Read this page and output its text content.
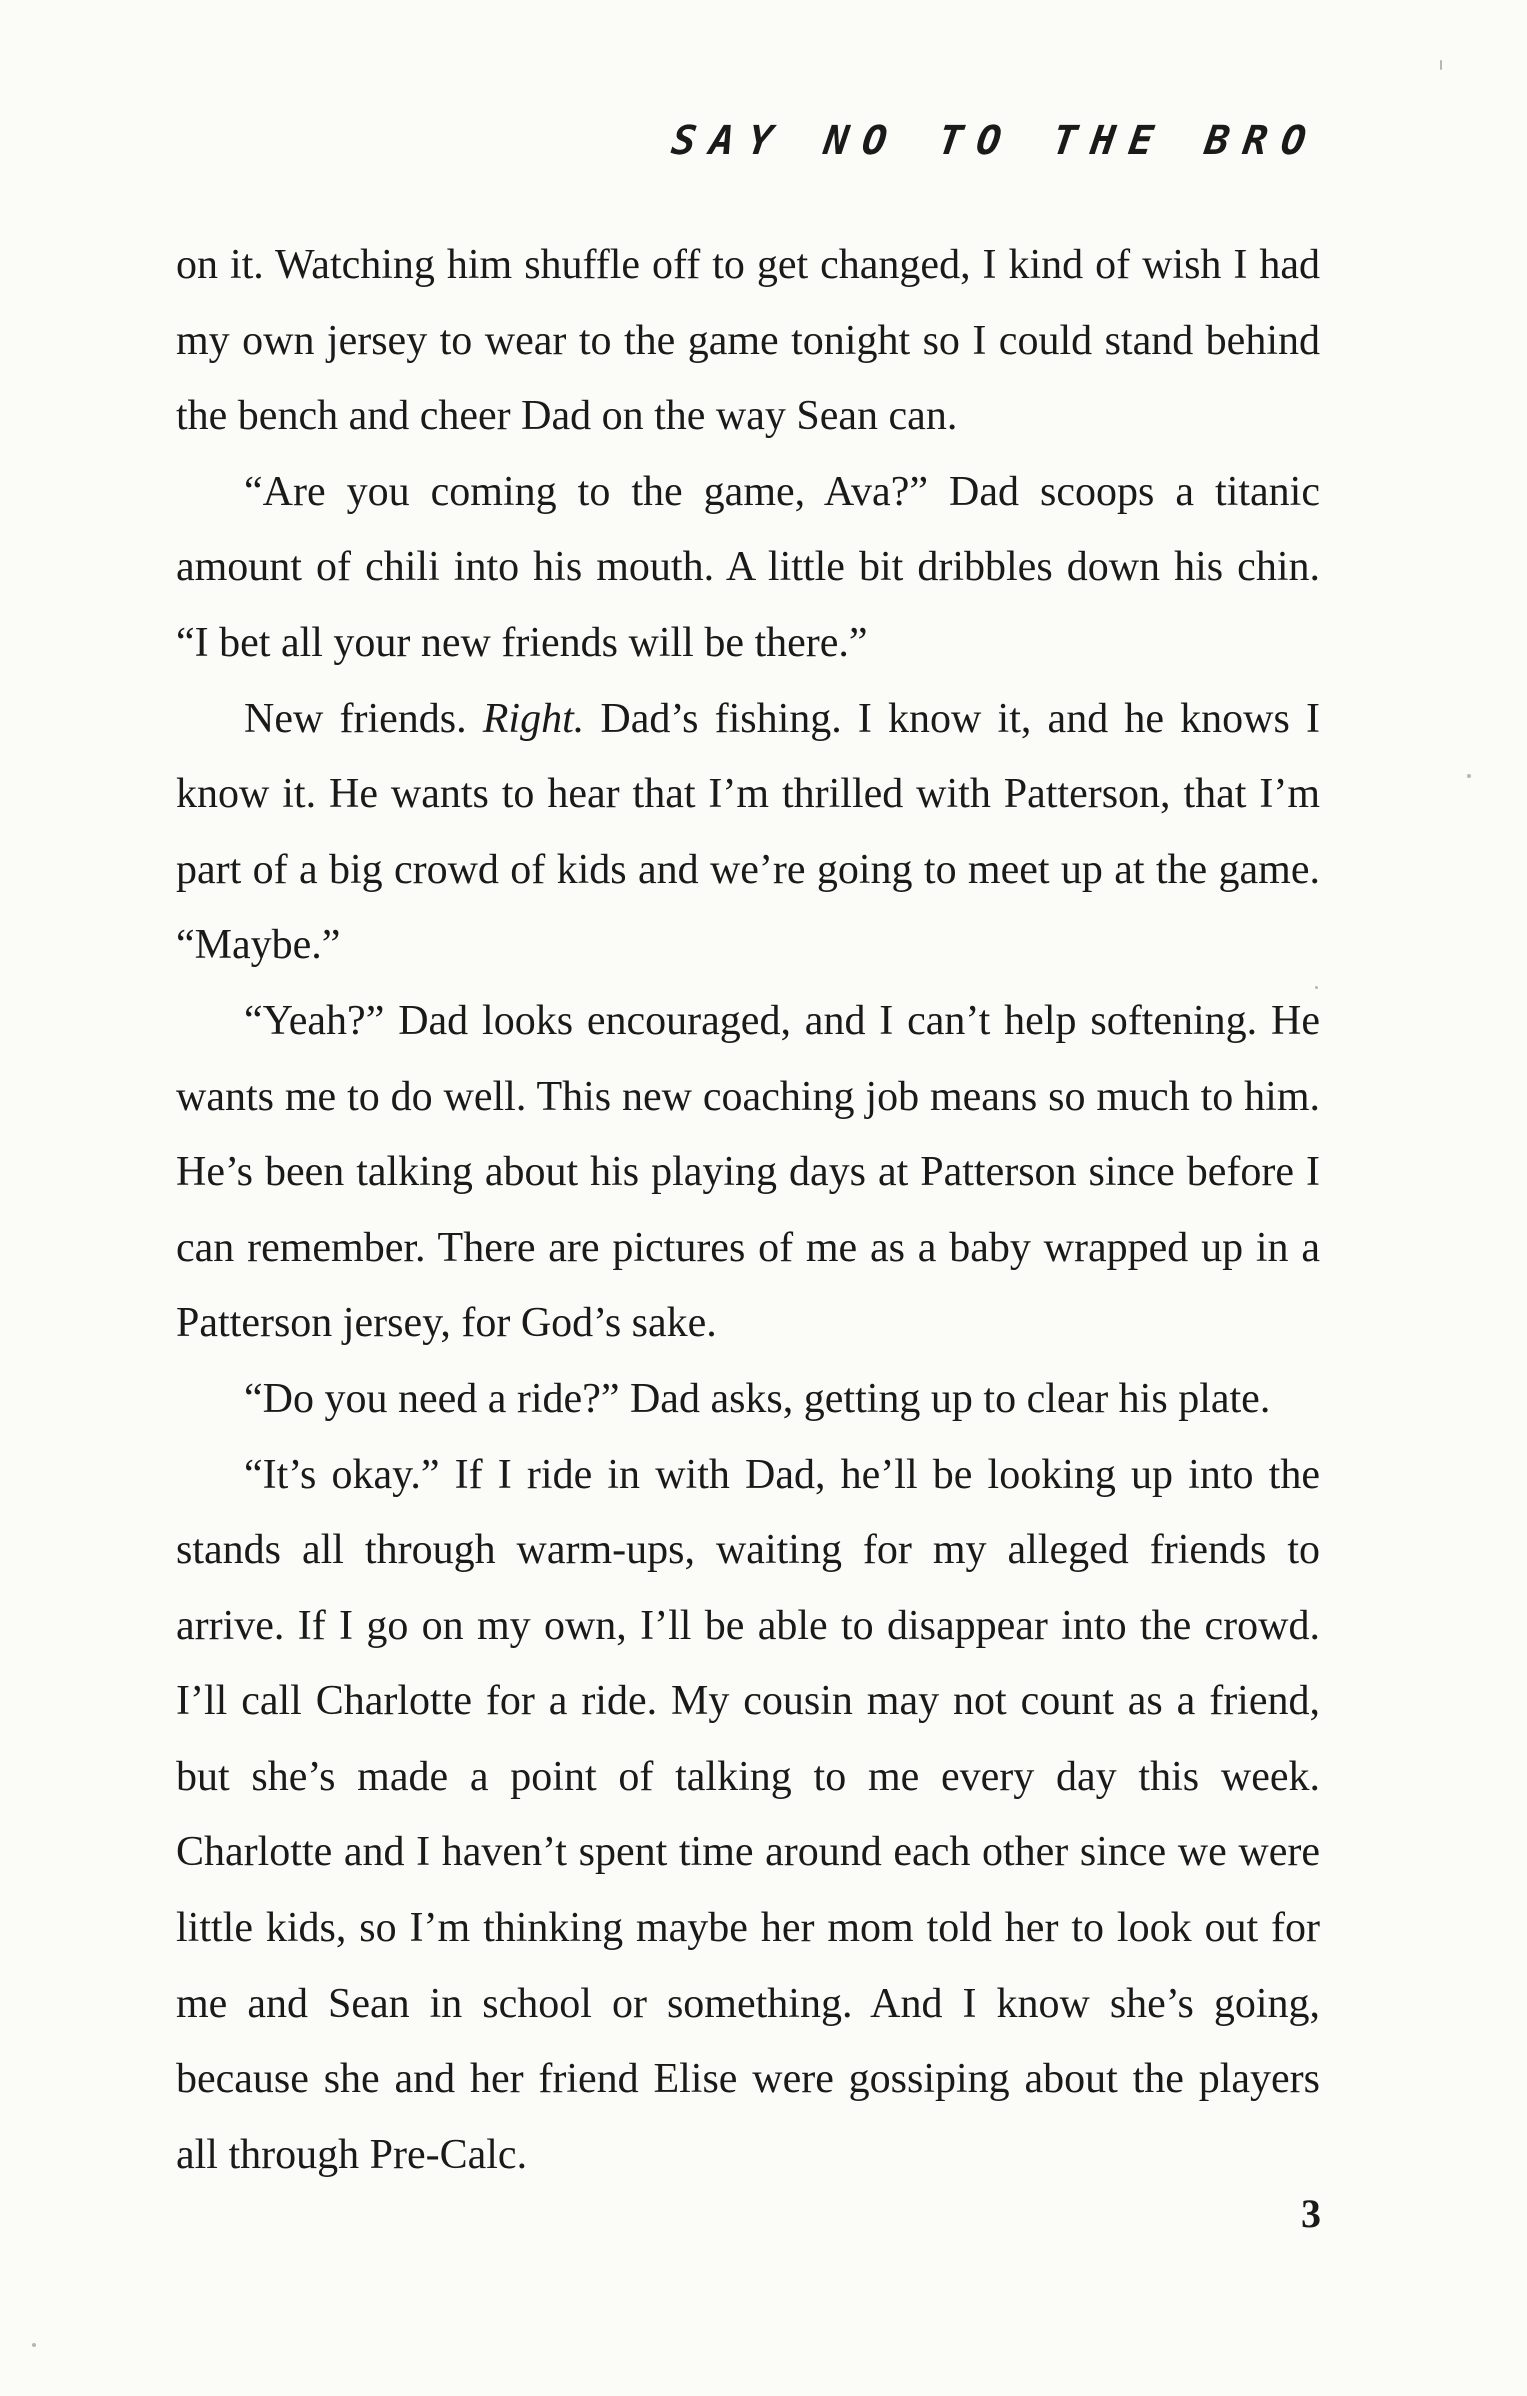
SAY NO TO THE BRO

on it. Watching him shuffle off to get changed, I kind of wish I had my own jersey to wear to the game tonight so I could stand behind the bench and cheer Dad on the way Sean can.

“Are you coming to the game, Ava?” Dad scoops a titanic amount of chili into his mouth. A little bit dribbles down his chin. “I bet all your new friends will be there.”

New friends. Right. Dad’s fishing. I know it, and he knows I know it. He wants to hear that I’m thrilled with Patterson, that I’m part of a big crowd of kids and we’re going to meet up at the game. “Maybe.”

“Yeah?” Dad looks encouraged, and I can’t help softening. He wants me to do well. This new coaching job means so much to him. He’s been talking about his playing days at Patterson since before I can remember. There are pictures of me as a baby wrapped up in a Patterson jersey, for God’s sake.

“Do you need a ride?” Dad asks, getting up to clear his plate.

“It’s okay.” If I ride in with Dad, he’ll be looking up into the stands all through warm-ups, waiting for my alleged friends to arrive. If I go on my own, I’ll be able to disappear into the crowd. I’ll call Charlotte for a ride. My cousin may not count as a friend, but she’s made a point of talking to me every day this week. Charlotte and I haven’t spent time around each other since we were little kids, so I’m thinking maybe her mom told her to look out for me and Sean in school or something. And I know she’s going, because she and her friend Elise were gossiping about the players all through Pre-Calc.

3
